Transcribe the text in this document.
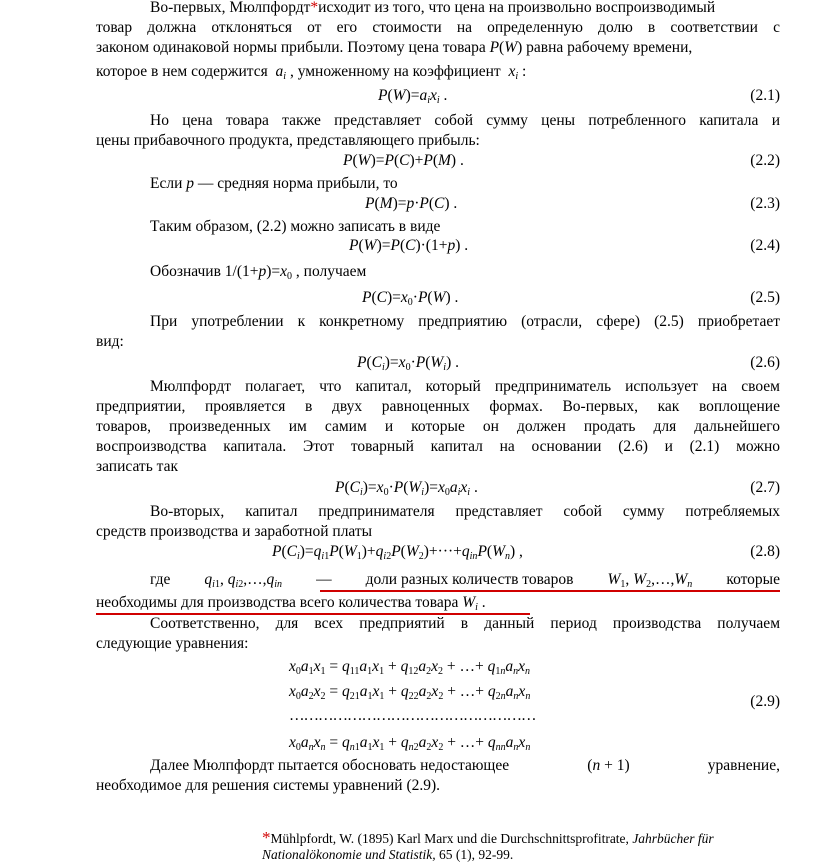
Во-первых, Мюлпфордт*исходит из того, что цена на произвольно воспроизводимый
товар должна отклоняться от его стоимости на определенную долю в соответствии с
законом одинаковой нормы прибыли. Поэтому цена товара P(W) равна рабочему времени,
которое в нем содержится  $a_i$ , умноженному на коэффициент  $x_i$ :
$P(W)=a_ix_i$ .	(2.1)
Но цена товара также представляет собой сумму цены потребленного капитала и
цены прибавочного продукта, представляющего прибыль:
P(W)=P(C)+P(M) .	(2.2)
Если p — средняя норма прибыли, то
P(M)=p·P(C) .	(2.3)
Таким образом, (2.2) можно записать в виде
P(W)=P(C)·(1+p) .	(2.4)
Обозначив $1/(1+p)=x_0$ , получаем
$P(C)=x_0\cdot P(W)$ .	(2.5)
При употреблении к конкретному предприятию (отрасли, сфере) (2.5) приобретает
вид:
$P(C_i)=x_0\cdot P(W_i)$ .	(2.6)
Мюлпфордт полагает, что капитал, который предприниматель использует на своем
предприятии, проявляется в двух равноценных формах. Во-первых, как воплощение
товаров, произведенных им самим и которые он должен продать для дальнейшего
воспроизводства капитала. Этот товарный капитал на основании (2.6) и (2.1) можно
записать так
$P(C_i)=x_0\cdot P(W_i)=x_0a_ix_i$ .	(2.7)
Во-вторых, капитал предпринимателя представляет собой сумму потребляемых
средств производства и заработной платы
$P(C_i)=q_{i1}P(W_1)+q_{i2}P(W_2)+\cdot\cdot\cdot+q_{in}P(W_n)$ ,	(2.8)
где $q_{i1}$, $q_{i2},\dots,q_{in}$ — доли разных количеств товаров $W_1$, $W_2,\dots,W_n$ которые
необходимы для производства всего количества товара $W_i$ .
Соответственно, для всех предприятий в данный период производства получаем
следующие уравнения:
$x_0a_1x_1 = q_{11}a_1x_1 + q_{12}a_2x_2$ + …+ $q_{1n}a_nx_n$
$x_0a_2x_2 = q_{21}a_1x_1 + q_{22}a_2x_2$ + …+ $q_{2n}a_nx_n$
……………………………………………
(2.9)
$x_0a_nx_n = q_{n1}a_1x_1 + q_{n2}a_2x_2$ + …+ $q_{nn}a_nx_n$
Далее Мюлпфордт пытается обосновать недостающее	(n + 1)	уравнение,
необходимое для решения системы уравнений (2.9).
*Mühlpfordt, W. (1895) Karl Marx und die Durchschnittsprofitrate, Jahrbücher für
Nationalökonomie und Statistik, 65 (1), 92-99.
